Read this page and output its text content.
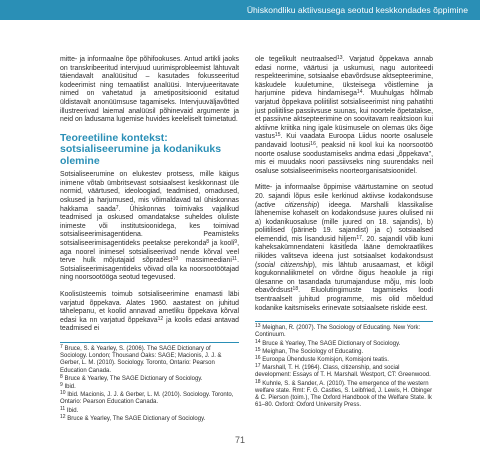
Ühiskondliku aktiivsusega seotud keskkondades õppimine

mitte- ja informaalne õpe põhifookuses. Antud artikli jaoks on transkribeeritud intervjuud uurimisprobleemist lähtuvalt täiendavalt analüüsitud – kasutades fokusseeritud kodeerimist ning temaatilist analüüsi. Intervjueeritavate nimed on vahetatud ja ametipositsioonid esitatud üldistavalt anonüümsuse tagamiseks. Intervjuuväljavõtted illustreerivad laiemal analüüsil põhinevaid argumente ja neid on ladusama lugemise huvides keeleliselt toimetatud.

Teoreetiline kontekst: sotsialiseerumine ja kodanikuks olemine

Sotsialiseerumine on elukestev protsess, mille käigus inimene võtab ümbritsevast sotsiaalsest keskkonnast üle normid, väärtused, ideoloogiad, teadmised, omadused, oskused ja harjumused, mis võimaldavad tal ühiskonnas hakkama saada$^7$. Ühiskonnas toimivaks vajalikud teadmised ja oskused omandatakse suheldes oluliste inimeste või institutsioonidega, kes toimivad sotsialiseerimisagentidena. Peamisteks sotsialiseerimisagentideks peetakse perekonda$^8$ ja kooli$^9$, aga noorel inimesel sotsialiseerivad nende kõrval veel terve hulk mõjutajaid sõpradest$^{10}$ massimeediani$^{11}$. Sotsialiseerimisagentideks võivad olla ka noorsootöötajad ning noorsootööga seotud tegevused.

Koolisüsteemis toimub sotsialiseerimine enamasti läbi varjatud õppekava. Alates 1960. aastatest on juhitud tähelepanu, et koolid annavad ametliku õppekava kõrval edasi ka nn varjatud õppekava$^{12}$ ja koolis edasi antavad teadmised ei

$^7$ Bruce, S. & Yearley, S. (2006). The SAGE Dictionary of Sociology. London; Thousand Oaks: SAGE; Macionis, J. J. & Gerber, L. M. (2010). Sociology. Toronto, Ontario: Pearson Education Canada.

$^8$ Bruce & Yearley, The SAGE Dictionary of Sociology.

$^9$ Ibid.

$^{10}$ Ibid. Macionis, J. J. & Gerber, L. M. (2010). Sociology. Toronto, Ontario: Pearson Education Canada.

$^{11}$ Ibid.

$^{12}$ Bruce & Yearley, The SAGE Dictionary of Sociology.

ole tegelikult neutraalsed$^{13}$. Varjatud õppekava annab edasi norme, väärtusi ja uskumusi, nagu autoriteedi respekteerimine, sotsiaalse ebavõrdsuse aktsepteerimine, käskudele kuuletumine, üksteisega võistlemine ja harjumine pideva hindamisega$^{14}$. Muuhulgas hõlmab varjatud õppekava poliitilist sotsialiseerimist ning pahatihti just poliitilise passiivsuse suunas, kui noortele õpetatakse, et passiivne aktsepteerimine on soovitavam reaktsioon kui aktiivne kriitika ning igale küsimusele on olemas üks õige vastus$^{15}$. Kui vaadata Euroopa Liidus noorte osalusele pandavaid lootusi$^{16}$, peaksid nii kool kui ka noorsootöö noorte osaluse soodustamiseks andma edasi „õppekava", mis ei muudaks noori passiivseks ning suurendaks neil osaluse sotsialiseerimiseks noorteorganisatsioonidel.

Mitte- ja informaalse õppimise väärtustamine on seotud 20. sajandi lõpus esile kerkinud aktiivse kodakondsuse (active citizenship) ideega. Marshalli klassikalise lähenemise kohaselt on kodakondsuse juures olulised nii a) kodanikuosaluse (mille juured on 18. sajandis), b) poliitilised (pärineb 19. sajandist) ja c) sotsiaalsed elemendid, mis lisandusid hiljem$^{17}$. 20. sajandil võib kuni kaheksakümnendateni käsitleda lääne demokraatlikes riikides valitseva ideena just sotsiaalset kodakondsust (social citizenship), mis lähtub arusaamast, et kõigil kogukonnaliikmetel on võrdne õigus heaolule ja riigi ülesanne on tasandada turumajanduse mõju, mis loob ebavõrdsust$^{18}$. Eluolutingimuste tagamiseks loodi tsentraalselt juhitud programme, mis olid mõeldud kodanike kaitsmiseks erinevate sotsiaalsete riskide eest.

$^{13}$ Meighan, R. (2007). The Sociology of Educating. New York: Continuum.

$^{14}$ Bruce & Yearley, The SAGE Dictionary of Sociology.

$^{15}$ Meighan, The Sociology of Educating.

$^{16}$ Euroopa Ühenduste Komisjon, Komisjoni teatis.

$^{17}$ Marshall, T. H. (1964). Class, citizenship, and social development: Essays of T. H. Marshall. Westport, CT: Greenwood.

$^{18}$ Kuhnle, S. & Sander, A. (2010). The emergence of the western welfare state. Rmt: F. G. Castles, S. Leibfried, J. Lewis, H. Obinger & C. Pierson (toim.), The Oxford Handbook of the Welfare State. lk 61–80. Oxford: Oxford University Press.

71
